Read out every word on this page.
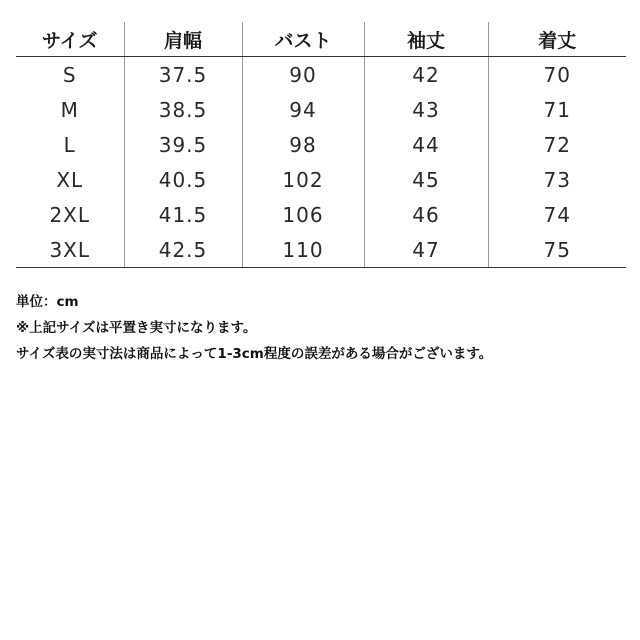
サイズ	肩幅	バスト	袖丈	着丈
S	37.5	90	42	70
M	38.5	94	43	71
L	39.5	98	44	72
XL	40.5	102	45	73
2XL	41.5	106	46	74
3XL	42.5	110	47	75
単位：cm
※上記サイズは平置き実寸になります。
サイズ表の実寸法は商品によって1-3cm程度の誤差がある場合がございます。
